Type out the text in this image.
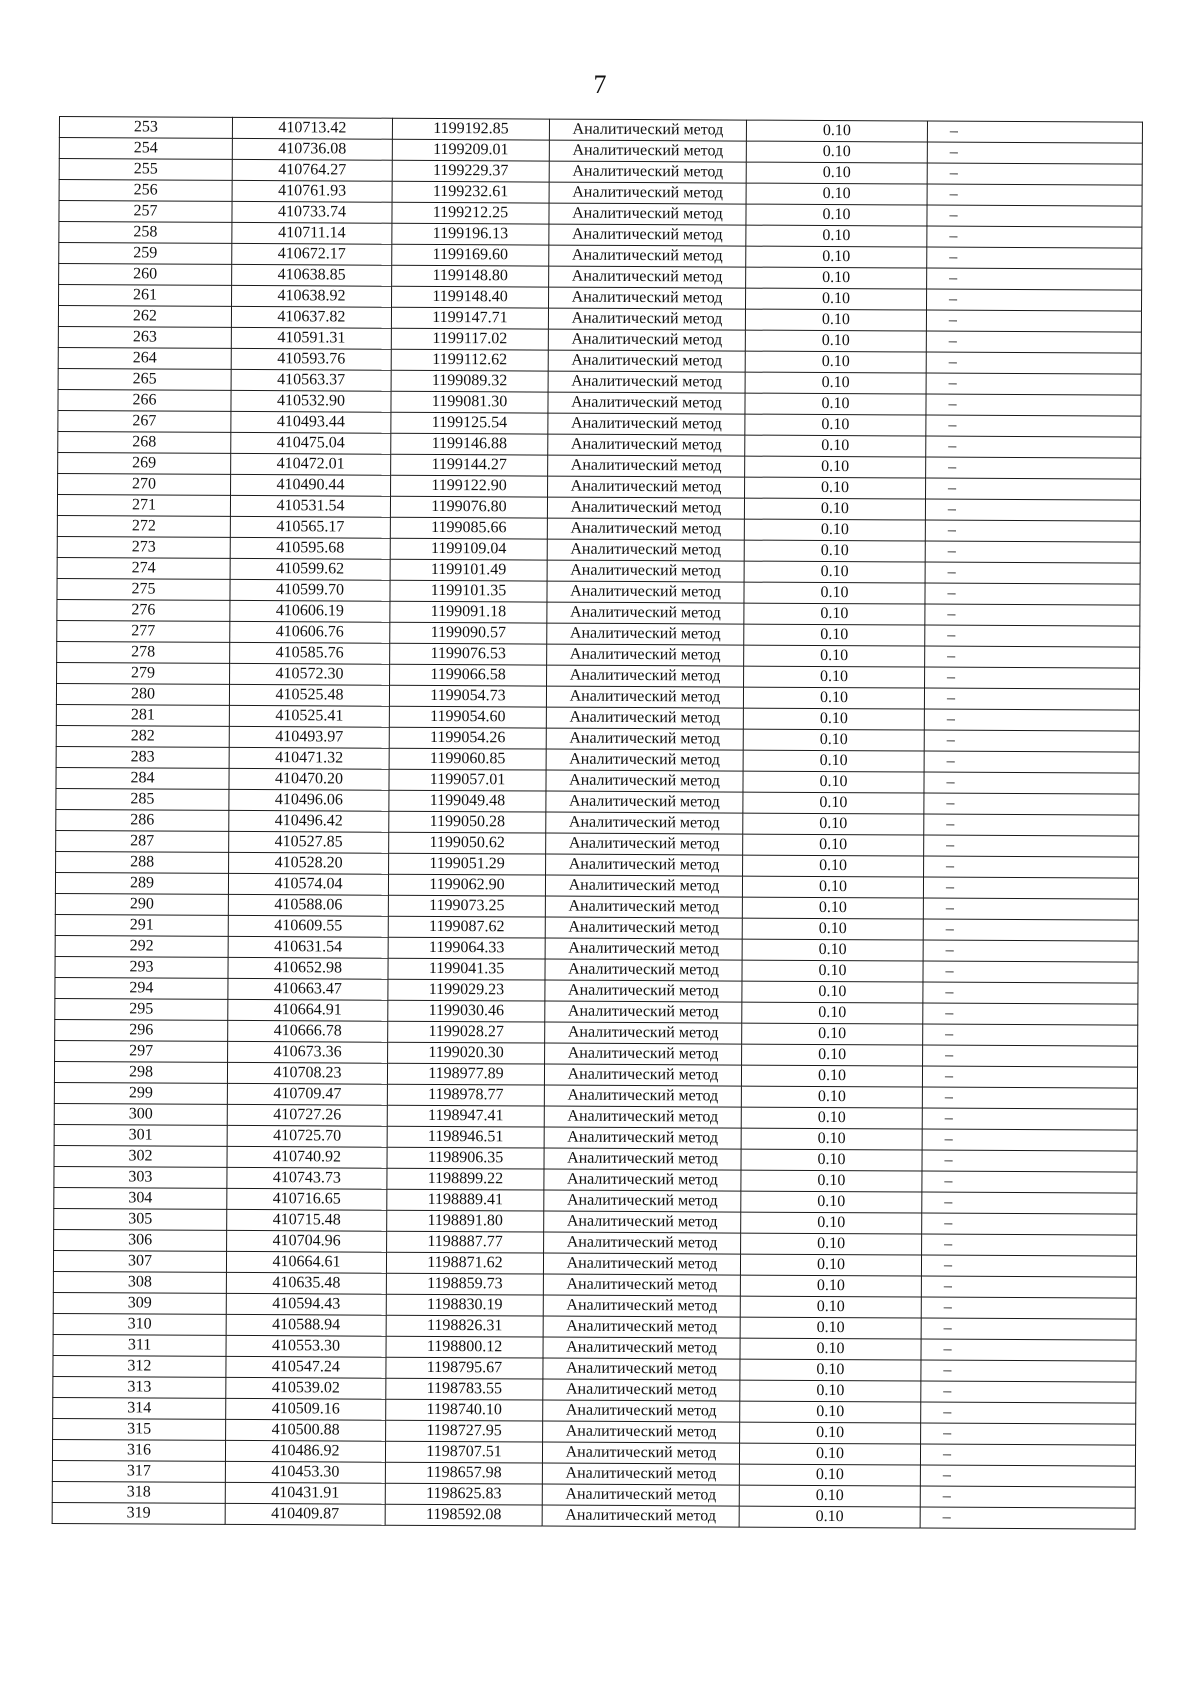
7
253	410713.42	1199192.85	Аналитический метод	0.10	–
254	410736.08	1199209.01	Аналитический метод	0.10	–
255	410764.27	1199229.37	Аналитический метод	0.10	–
256	410761.93	1199232.61	Аналитический метод	0.10	–
257	410733.74	1199212.25	Аналитический метод	0.10	–
258	410711.14	1199196.13	Аналитический метод	0.10	–
259	410672.17	1199169.60	Аналитический метод	0.10	–
260	410638.85	1199148.80	Аналитический метод	0.10	–
261	410638.92	1199148.40	Аналитический метод	0.10	–
262	410637.82	1199147.71	Аналитический метод	0.10	–
263	410591.31	1199117.02	Аналитический метод	0.10	–
264	410593.76	1199112.62	Аналитический метод	0.10	–
265	410563.37	1199089.32	Аналитический метод	0.10	–
266	410532.90	1199081.30	Аналитический метод	0.10	–
267	410493.44	1199125.54	Аналитический метод	0.10	–
268	410475.04	1199146.88	Аналитический метод	0.10	–
269	410472.01	1199144.27	Аналитический метод	0.10	–
270	410490.44	1199122.90	Аналитический метод	0.10	–
271	410531.54	1199076.80	Аналитический метод	0.10	–
272	410565.17	1199085.66	Аналитический метод	0.10	–
273	410595.68	1199109.04	Аналитический метод	0.10	–
274	410599.62	1199101.49	Аналитический метод	0.10	–
275	410599.70	1199101.35	Аналитический метод	0.10	–
276	410606.19	1199091.18	Аналитический метод	0.10	–
277	410606.76	1199090.57	Аналитический метод	0.10	–
278	410585.76	1199076.53	Аналитический метод	0.10	–
279	410572.30	1199066.58	Аналитический метод	0.10	–
280	410525.48	1199054.73	Аналитический метод	0.10	–
281	410525.41	1199054.60	Аналитический метод	0.10	–
282	410493.97	1199054.26	Аналитический метод	0.10	–
283	410471.32	1199060.85	Аналитический метод	0.10	–
284	410470.20	1199057.01	Аналитический метод	0.10	–
285	410496.06	1199049.48	Аналитический метод	0.10	–
286	410496.42	1199050.28	Аналитический метод	0.10	–
287	410527.85	1199050.62	Аналитический метод	0.10	–
288	410528.20	1199051.29	Аналитический метод	0.10	–
289	410574.04	1199062.90	Аналитический метод	0.10	–
290	410588.06	1199073.25	Аналитический метод	0.10	–
291	410609.55	1199087.62	Аналитический метод	0.10	–
292	410631.54	1199064.33	Аналитический метод	0.10	–
293	410652.98	1199041.35	Аналитический метод	0.10	–
294	410663.47	1199029.23	Аналитический метод	0.10	–
295	410664.91	1199030.46	Аналитический метод	0.10	–
296	410666.78	1199028.27	Аналитический метод	0.10	–
297	410673.36	1199020.30	Аналитический метод	0.10	–
298	410708.23	1198977.89	Аналитический метод	0.10	–
299	410709.47	1198978.77	Аналитический метод	0.10	–
300	410727.26	1198947.41	Аналитический метод	0.10	–
301	410725.70	1198946.51	Аналитический метод	0.10	–
302	410740.92	1198906.35	Аналитический метод	0.10	–
303	410743.73	1198899.22	Аналитический метод	0.10	–
304	410716.65	1198889.41	Аналитический метод	0.10	–
305	410715.48	1198891.80	Аналитический метод	0.10	–
306	410704.96	1198887.77	Аналитический метод	0.10	–
307	410664.61	1198871.62	Аналитический метод	0.10	–
308	410635.48	1198859.73	Аналитический метод	0.10	–
309	410594.43	1198830.19	Аналитический метод	0.10	–
310	410588.94	1198826.31	Аналитический метод	0.10	–
311	410553.30	1198800.12	Аналитический метод	0.10	–
312	410547.24	1198795.67	Аналитический метод	0.10	–
313	410539.02	1198783.55	Аналитический метод	0.10	–
314	410509.16	1198740.10	Аналитический метод	0.10	–
315	410500.88	1198727.95	Аналитический метод	0.10	–
316	410486.92	1198707.51	Аналитический метод	0.10	–
317	410453.30	1198657.98	Аналитический метод	0.10	–
318	410431.91	1198625.83	Аналитический метод	0.10	–
319	410409.87	1198592.08	Аналитический метод	0.10	–
